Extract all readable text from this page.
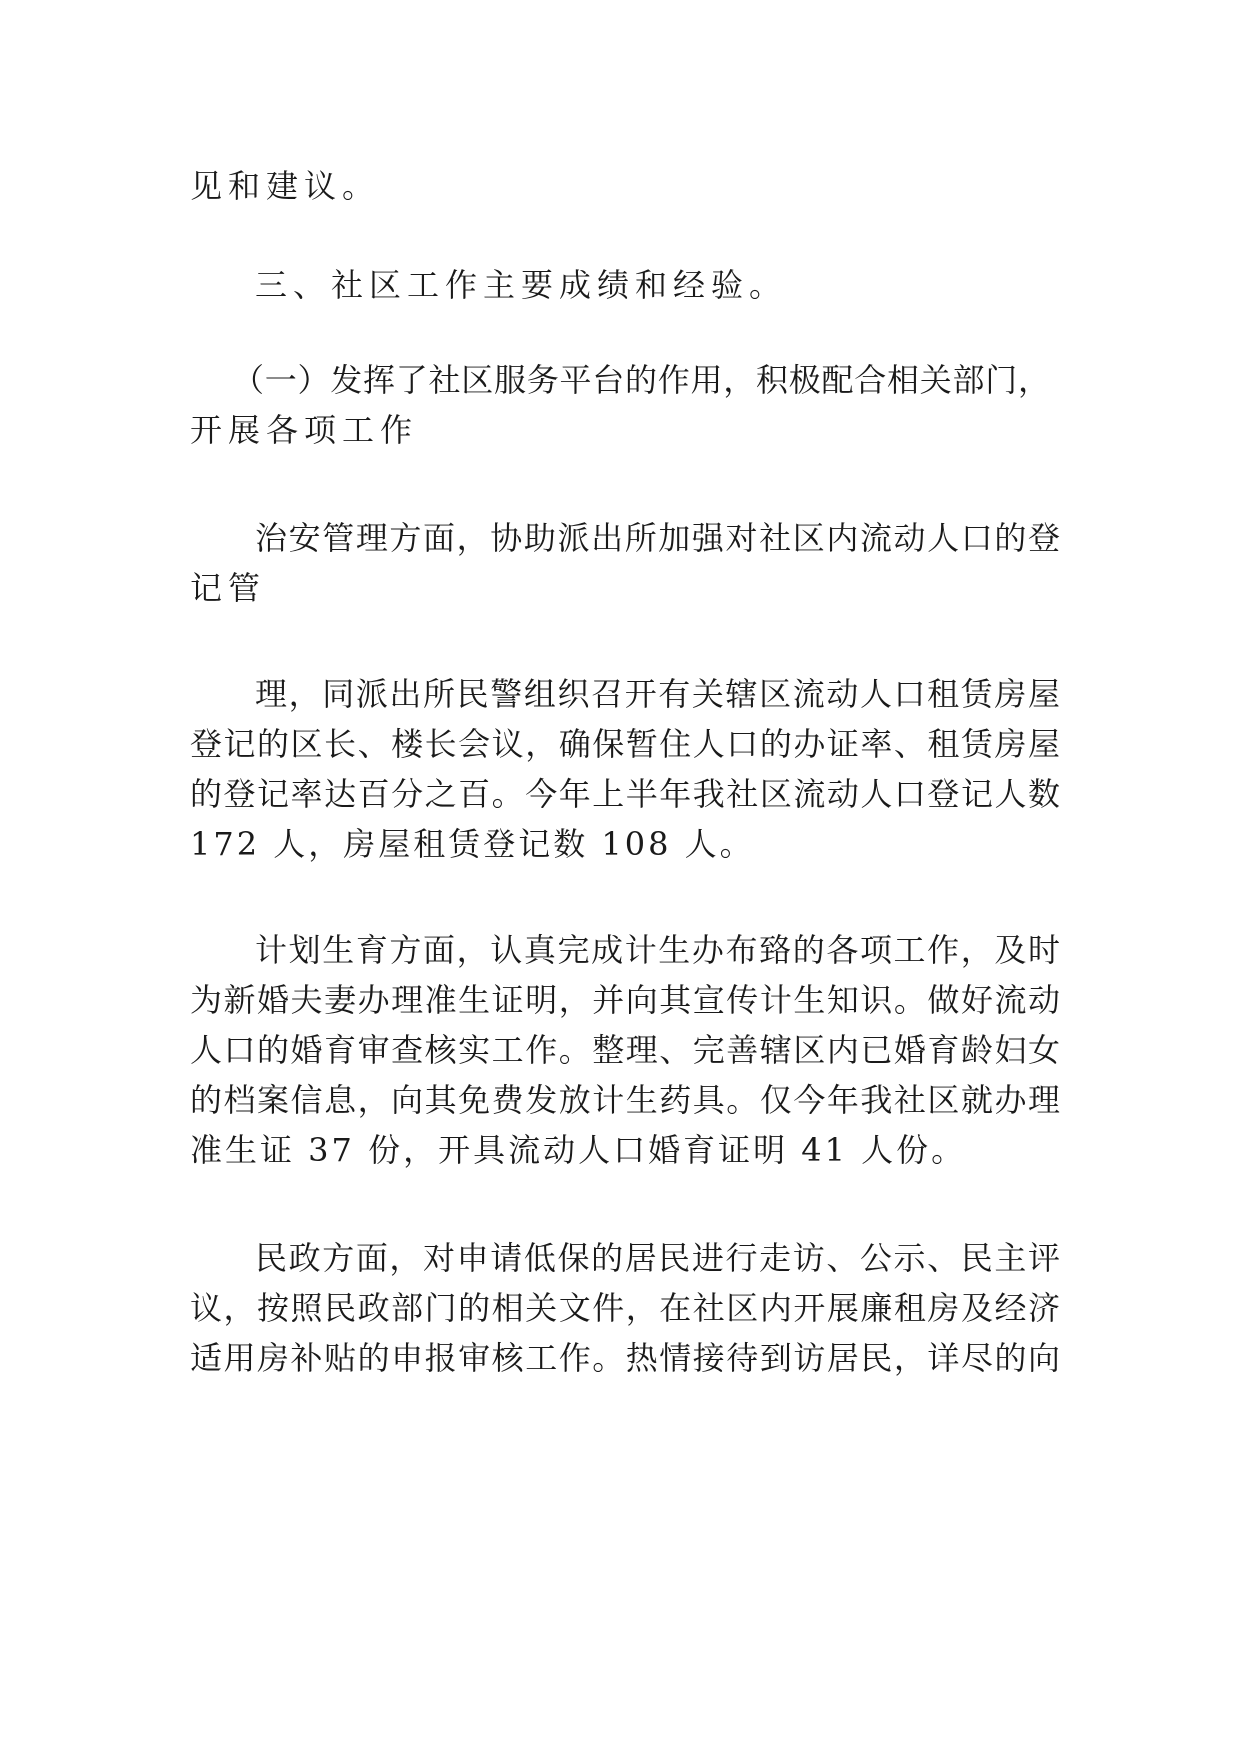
见和建议。
三、社区工作主要成绩和经验。
（一）发挥了社区服务平台的作用，积极配合相关部门，
开展各项工作
治安管理方面，协助派出所加强对社区内流动人口的登
记管
理，同派出所民警组织召开有关辖区流动人口租赁房屋
登记的区长、楼长会议，确保暂住人口的办证率、租赁房屋
的登记率达百分之百。今年上半年我社区流动人口登记人数
172 人，房屋租赁登记数 108 人。
计划生育方面，认真完成计生办布臵的各项工作，及时
为新婚夫妻办理准生证明，并向其宣传计生知识。做好流动
人口的婚育审查核实工作。整理、完善辖区内已婚育龄妇女
的档案信息，向其免费发放计生药具。仅今年我社区就办理
准生证 37 份，开具流动人口婚育证明 41 人份。
民政方面，对申请低保的居民进行走访、公示、民主评
议，按照民政部门的相关文件，在社区内开展廉租房及经济
适用房补贴的申报审核工作。热情接待到访居民，详尽的向
